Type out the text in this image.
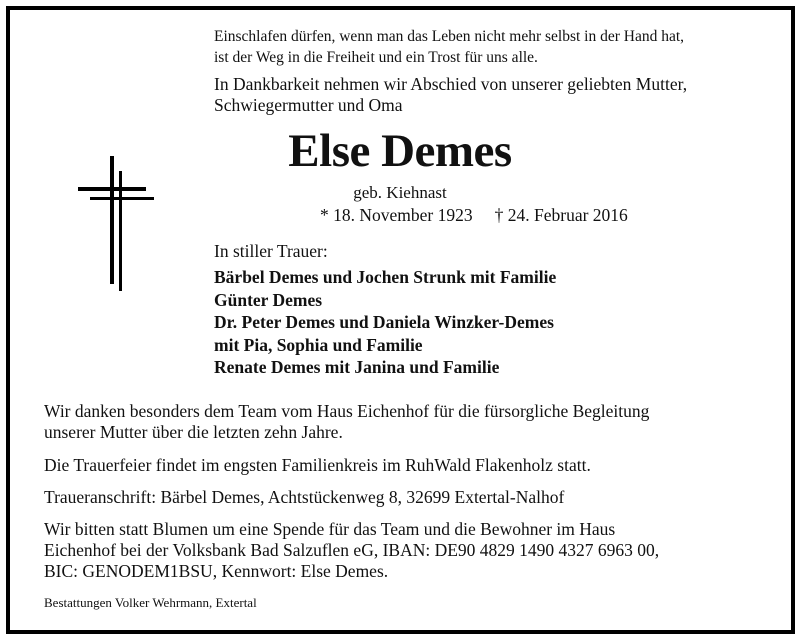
Einschlafen dürfen, wenn man das Leben nicht mehr selbst in der Hand hat,
ist der Weg in die Freiheit und ein Trost für uns alle.
In Dankbarkeit nehmen wir Abschied von unserer geliebten Mutter,
Schwiegermutter und Oma
Else Demes
geb. Kiehnast
* 18. November 1923 † 24. Februar 2016
In stiller Trauer:
Bärbel Demes und Jochen Strunk mit Familie
Günter Demes
Dr. Peter Demes und Daniela Winzker-Demes
mit Pia, Sophia und Familie
Renate Demes mit Janina und Familie
Wir danken besonders dem Team vom Haus Eichenhof für die fürsorgliche Begleitung
unserer Mutter über die letzten zehn Jahre.
Die Trauerfeier findet im engsten Familienkreis im RuhWald Flakenholz statt.
Traueranschrift: Bärbel Demes, Achtstückenweg 8, 32699 Extertal-Nalhof
Wir bitten statt Blumen um eine Spende für das Team und die Bewohner im Haus
Eichenhof bei der Volksbank Bad Salzuflen eG, IBAN: DE90 4829 1490 4327 6963 00,
BIC: GENODEM1BSU, Kennwort: Else Demes.
Bestattungen Volker Wehrmann, Extertal
